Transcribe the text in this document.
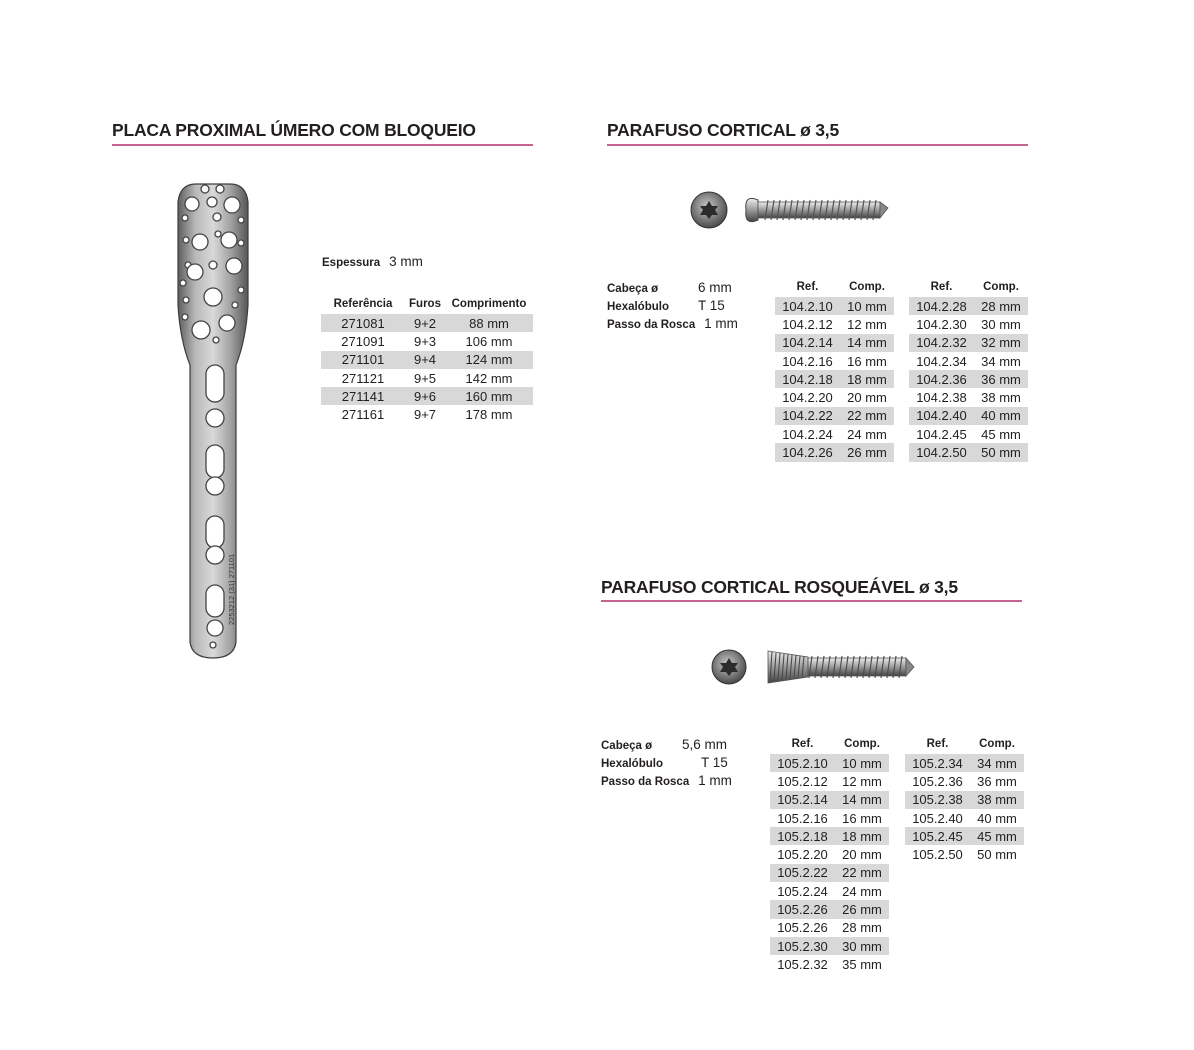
PLACA PROXIMAL ÚMERO COM BLOQUEIO
2253212 (31) 271101
Espessura 3 mm
Referência	Furos	Comprimento
271081	9+2	88 mm
271091	9+3	106 mm
271101	9+4	124 mm
271121	9+5	142 mm
271141	9+6	160 mm
271161	9+7	178 mm
PARAFUSO CORTICAL ø 3,5
Cabeça ø	6 mm
Hexalóbulo T 15
Passo da Rosca 1 mm
Ref.	Comp.
104.2.10	10 mm
104.2.12	12 mm
104.2.14	14 mm
104.2.16	16 mm
104.2.18	18 mm
104.2.20	20 mm
104.2.22	22 mm
104.2.24	24 mm
104.2.26	26 mm
Ref.	Comp.
104.2.28	28 mm
104.2.30	30 mm
104.2.32	32 mm
104.2.34	34 mm
104.2.36	36 mm
104.2.38	38 mm
104.2.40	40 mm
104.2.45	45 mm
104.2.50	50 mm
PARAFUSO CORTICAL ROSQUEÁVEL ø 3,5
Cabeça ø 5,6 mm
Hexalóbulo	T 15
Passo da Rosca 1 mm
Ref.	Comp.
105.2.10	10 mm
105.2.12	12 mm
105.2.14	14 mm
105.2.16	16 mm
105.2.18	18 mm
105.2.20	20 mm
105.2.22	22 mm
105.2.24	24 mm
105.2.26	26 mm
105.2.26	28 mm
105.2.30	30 mm
105.2.32	35 mm
Ref.	Comp.
105.2.34	34 mm
105.2.36	36 mm
105.2.38	38 mm
105.2.40	40 mm
105.2.45	45 mm
105.2.50	50 mm
